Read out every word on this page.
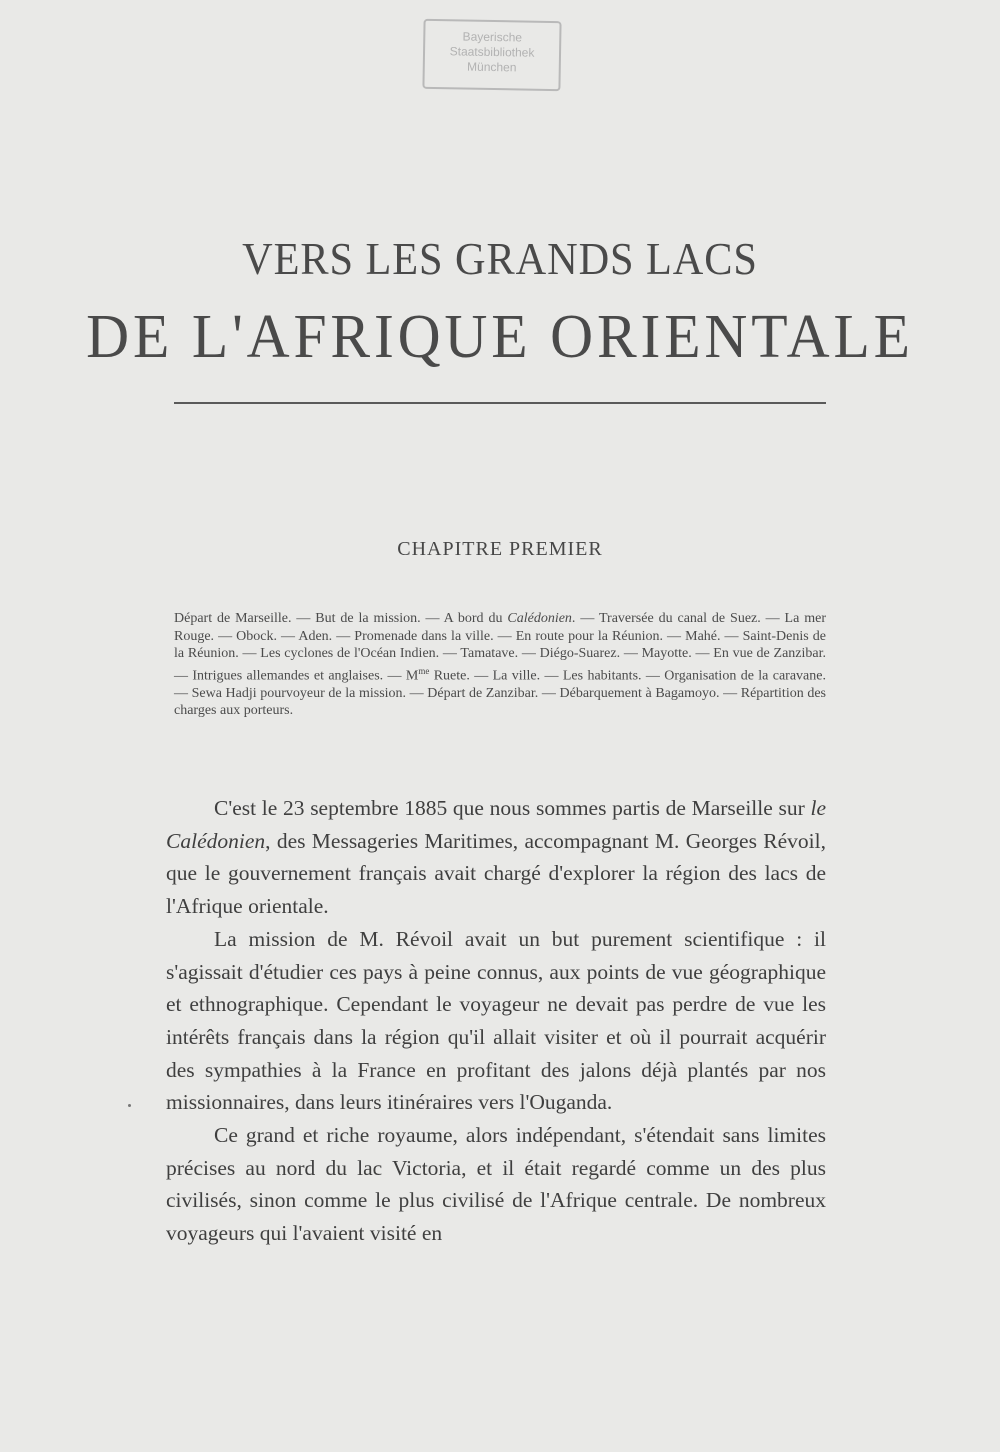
Bayerische
Staatsbibliothek
München
VERS LES GRANDS LACS
DE L'AFRIQUE ORIENTALE
CHAPITRE PREMIER
Départ de Marseille. — But de la mission. — A bord du Calédonien. — Traversée du canal de Suez. — La mer Rouge. — Obock. — Aden. — Promenade dans la ville. — En route pour la Réunion. — Mahé. — Saint-Denis de la Réunion. — Les cyclones de l'Océan Indien. — Tamatave. — Diégo-Suarez. — Mayotte. — En vue de Zanzibar. — Intrigues allemandes et anglaises. — $M^{me}$ Ruete. — La ville. — Les habitants. — Organisation de la caravane. — Sewa Hadji pourvoyeur de la mission. — Départ de Zanzibar. — Débarquement à Bagamoyo. — Répartition des charges aux porteurs.

C'est le 23 septembre 1885 que nous sommes partis de Marseille sur le Calédonien, des Messageries Maritimes, accompagnant M. Georges Révoil, que le gouvernement français avait chargé d'explorer la région des lacs de l'Afrique orientale.

La mission de M. Révoil avait un but purement scientifique : il s'agissait d'étudier ces pays à peine connus, aux points de vue géographique et ethnographique. Cependant le voyageur ne devait pas perdre de vue les intérêts français dans la région qu'il allait visiter et où il pourrait acquérir des sympathies à la France en profitant des jalons déjà plantés par nos missionnaires, dans leurs itinéraires vers l'Ouganda.

Ce grand et riche royaume, alors indépendant, s'étendait sans limites précises au nord du lac Victoria, et il était regardé comme un des plus civilisés, sinon comme le plus civilisé de l'Afrique centrale. De nombreux voyageurs qui l'avaient visité en
